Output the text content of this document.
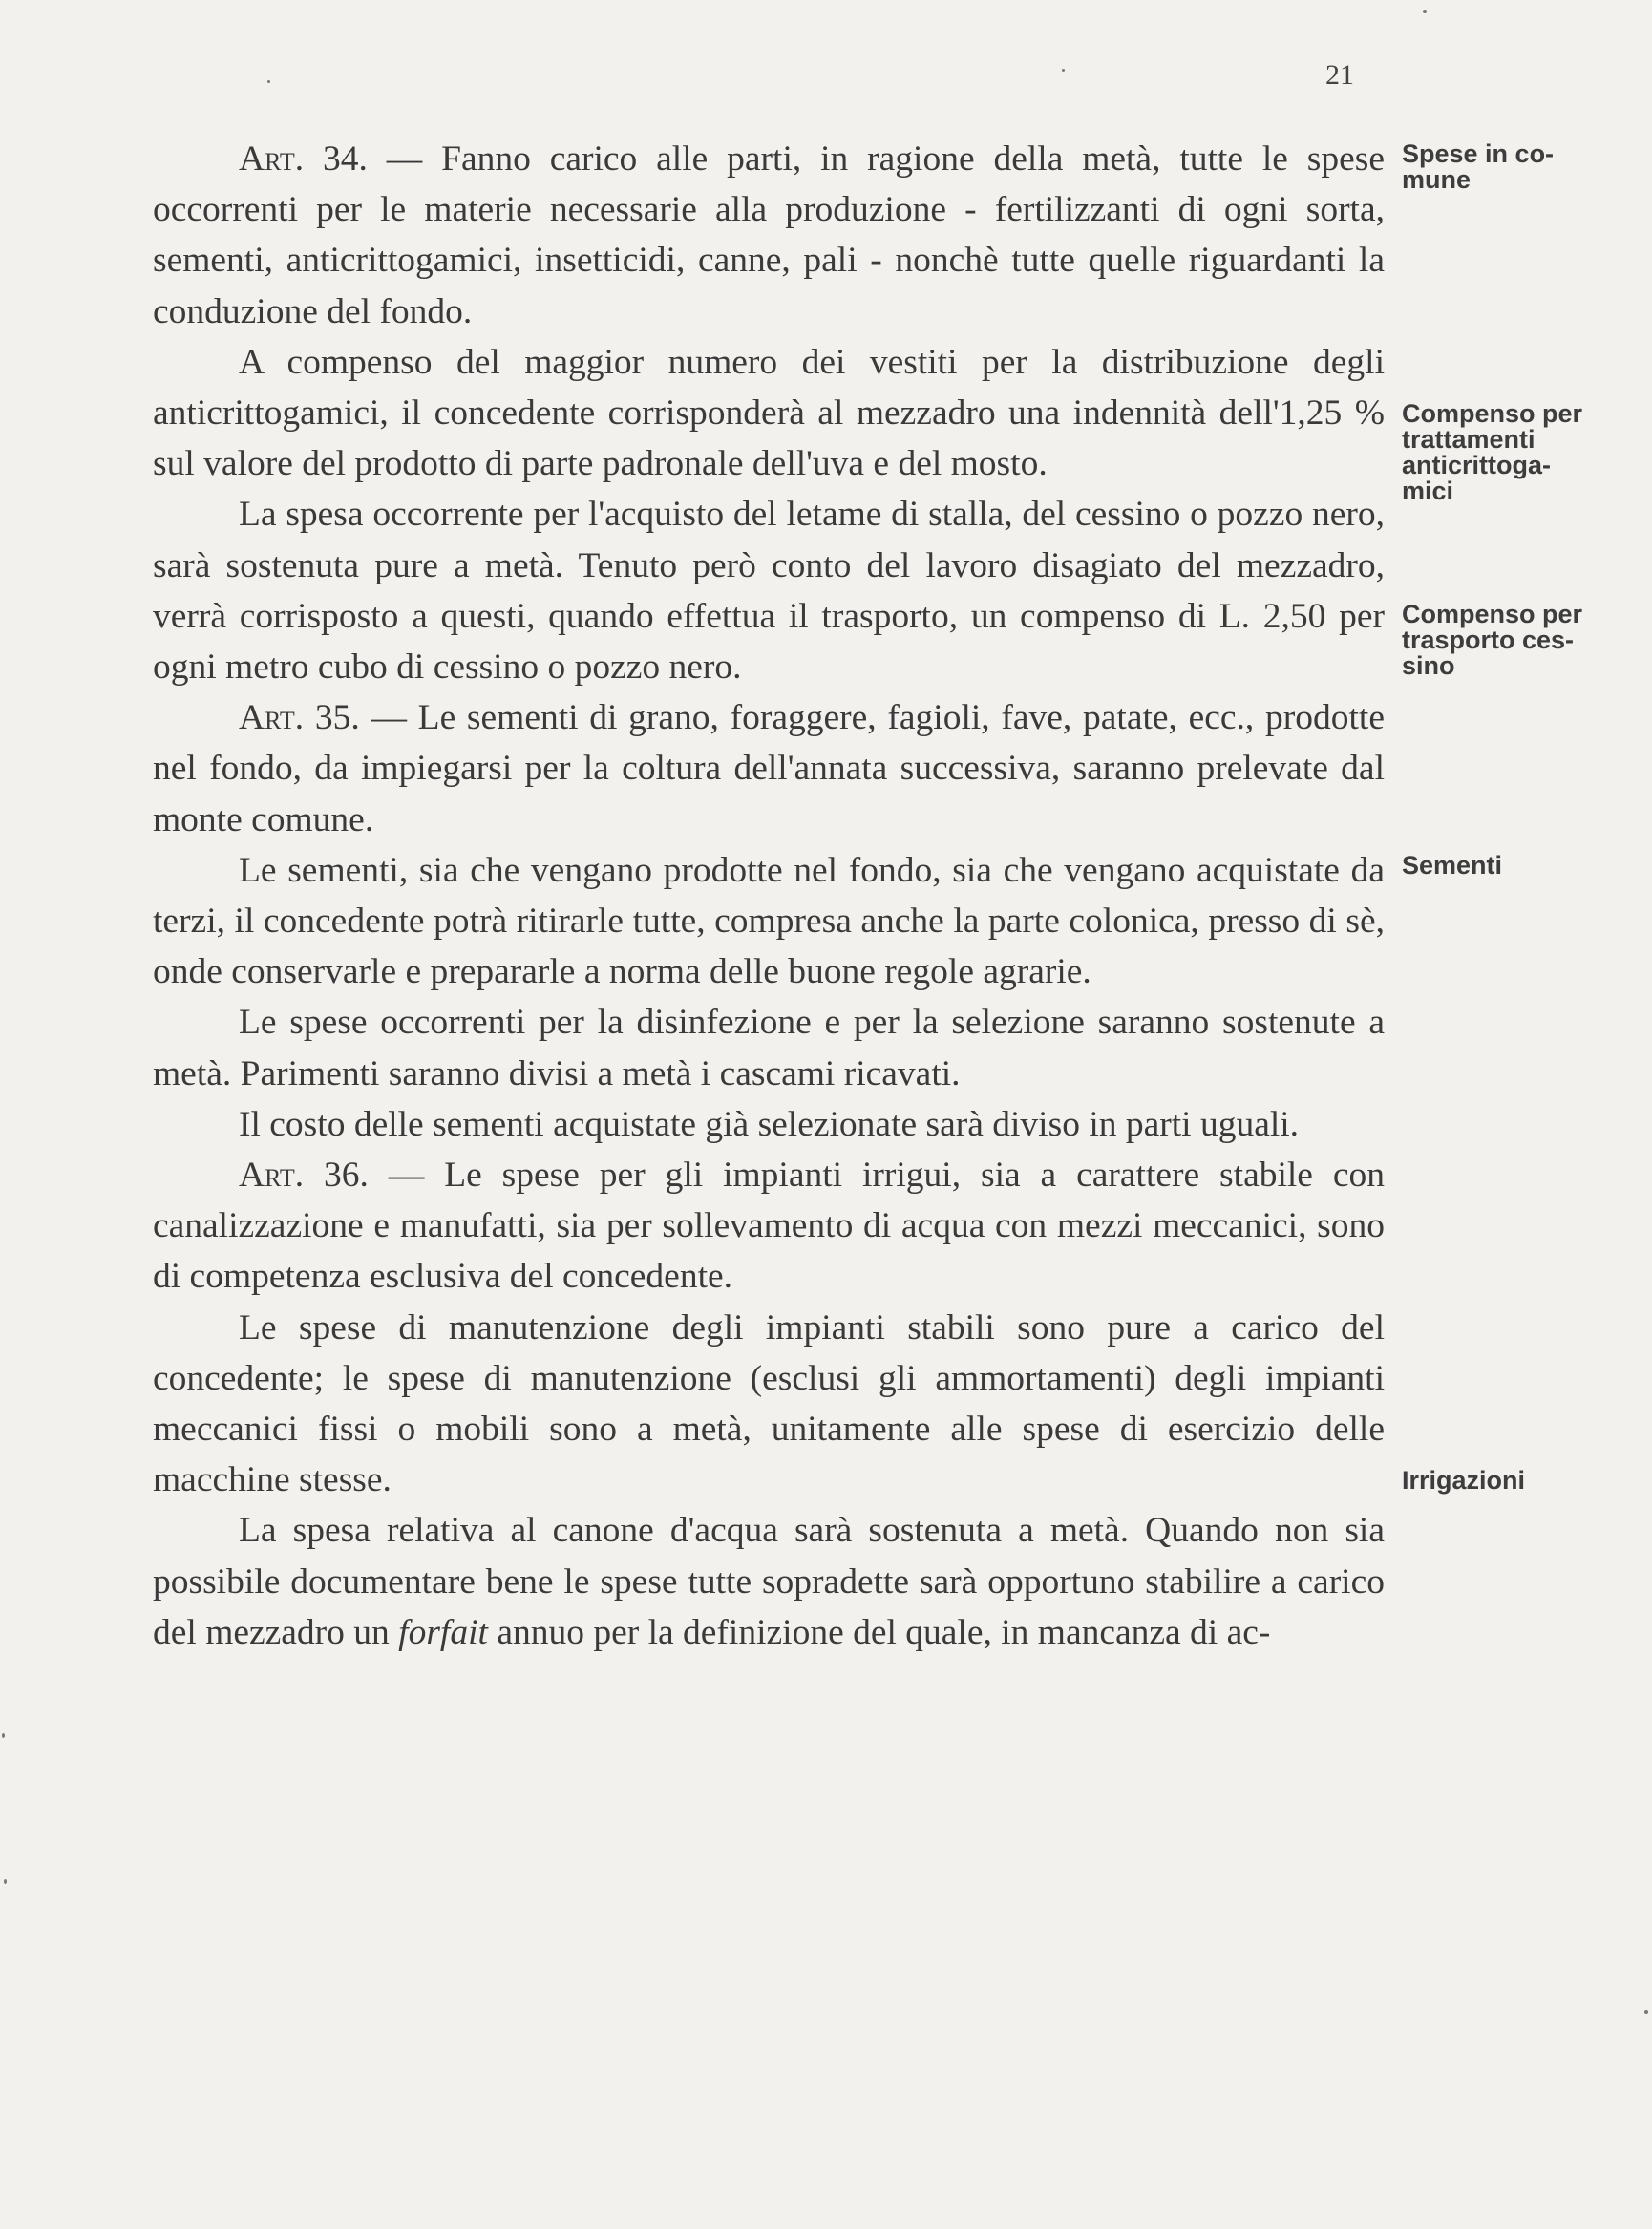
21

Art. 34. — Fanno carico alle parti, in ragione della metà, tutte le spese occorrenti per le materie necessarie alla produzione - fertilizzanti di ogni sorta, sementi, anticrittogamici, insetticidi, canne, pali - nonchè tutte quelle riguardanti la conduzione del fondo.

A compenso del maggior numero dei vestiti per la distribuzione degli anticrittogamici, il concedente corrisponderà al mezzadro una indennità dell'1,25 % sul valore del prodotto di parte padronale dell'uva e del mosto.

La spesa occorrente per l'acquisto del letame di stalla, del cessino o pozzo nero, sarà sostenuta pure a metà. Tenuto però conto del lavoro disagiato del mezzadro, verrà corrisposto a questi, quando effettua il trasporto, un compenso di L. 2,50 per ogni metro cubo di cessino o pozzo nero.

Art. 35. — Le sementi di grano, foraggere, fagioli, fave, patate, ecc., prodotte nel fondo, da impiegarsi per la coltura dell'annata successiva, saranno prelevate dal monte comune.

Le sementi, sia che vengano prodotte nel fondo, sia che vengano acquistate da terzi, il concedente potrà ritirarle tutte, compresa anche la parte colonica, presso di sè, onde conservarle e prepararle a norma delle buone regole agrarie.

Le spese occorrenti per la disinfezione e per la selezione saranno sostenute a metà. Parimenti saranno divisi a metà i cascami ricavati.

Il costo delle sementi acquistate già selezionate sarà diviso in parti uguali.

Art. 36. — Le spese per gli impianti irrigui, sia a carattere stabile con canalizzazione e manufatti, sia per sollevamento di acqua con mezzi meccanici, sono di competenza esclusiva del concedente.

Le spese di manutenzione degli impianti stabili sono pure a carico del concedente; le spese di manutenzione (esclusi gli ammortamenti) degli impianti meccanici fissi o mobili sono a metà, unitamente alle spese di esercizio delle macchine stesse.

La spesa relativa al canone d'acqua sarà sostenuta a metà. Quando non sia possibile documentare bene le spese tutte sopradette sarà opportuno stabilire a carico del mezzadro un forfait annuo per la definizione del quale, in mancanza di ac-

Spese in co-
mune
Compenso per
trattamenti
anticrittoga-
mici
Compenso per
trasporto ces-
sino
Sementi
Irrigazioni
